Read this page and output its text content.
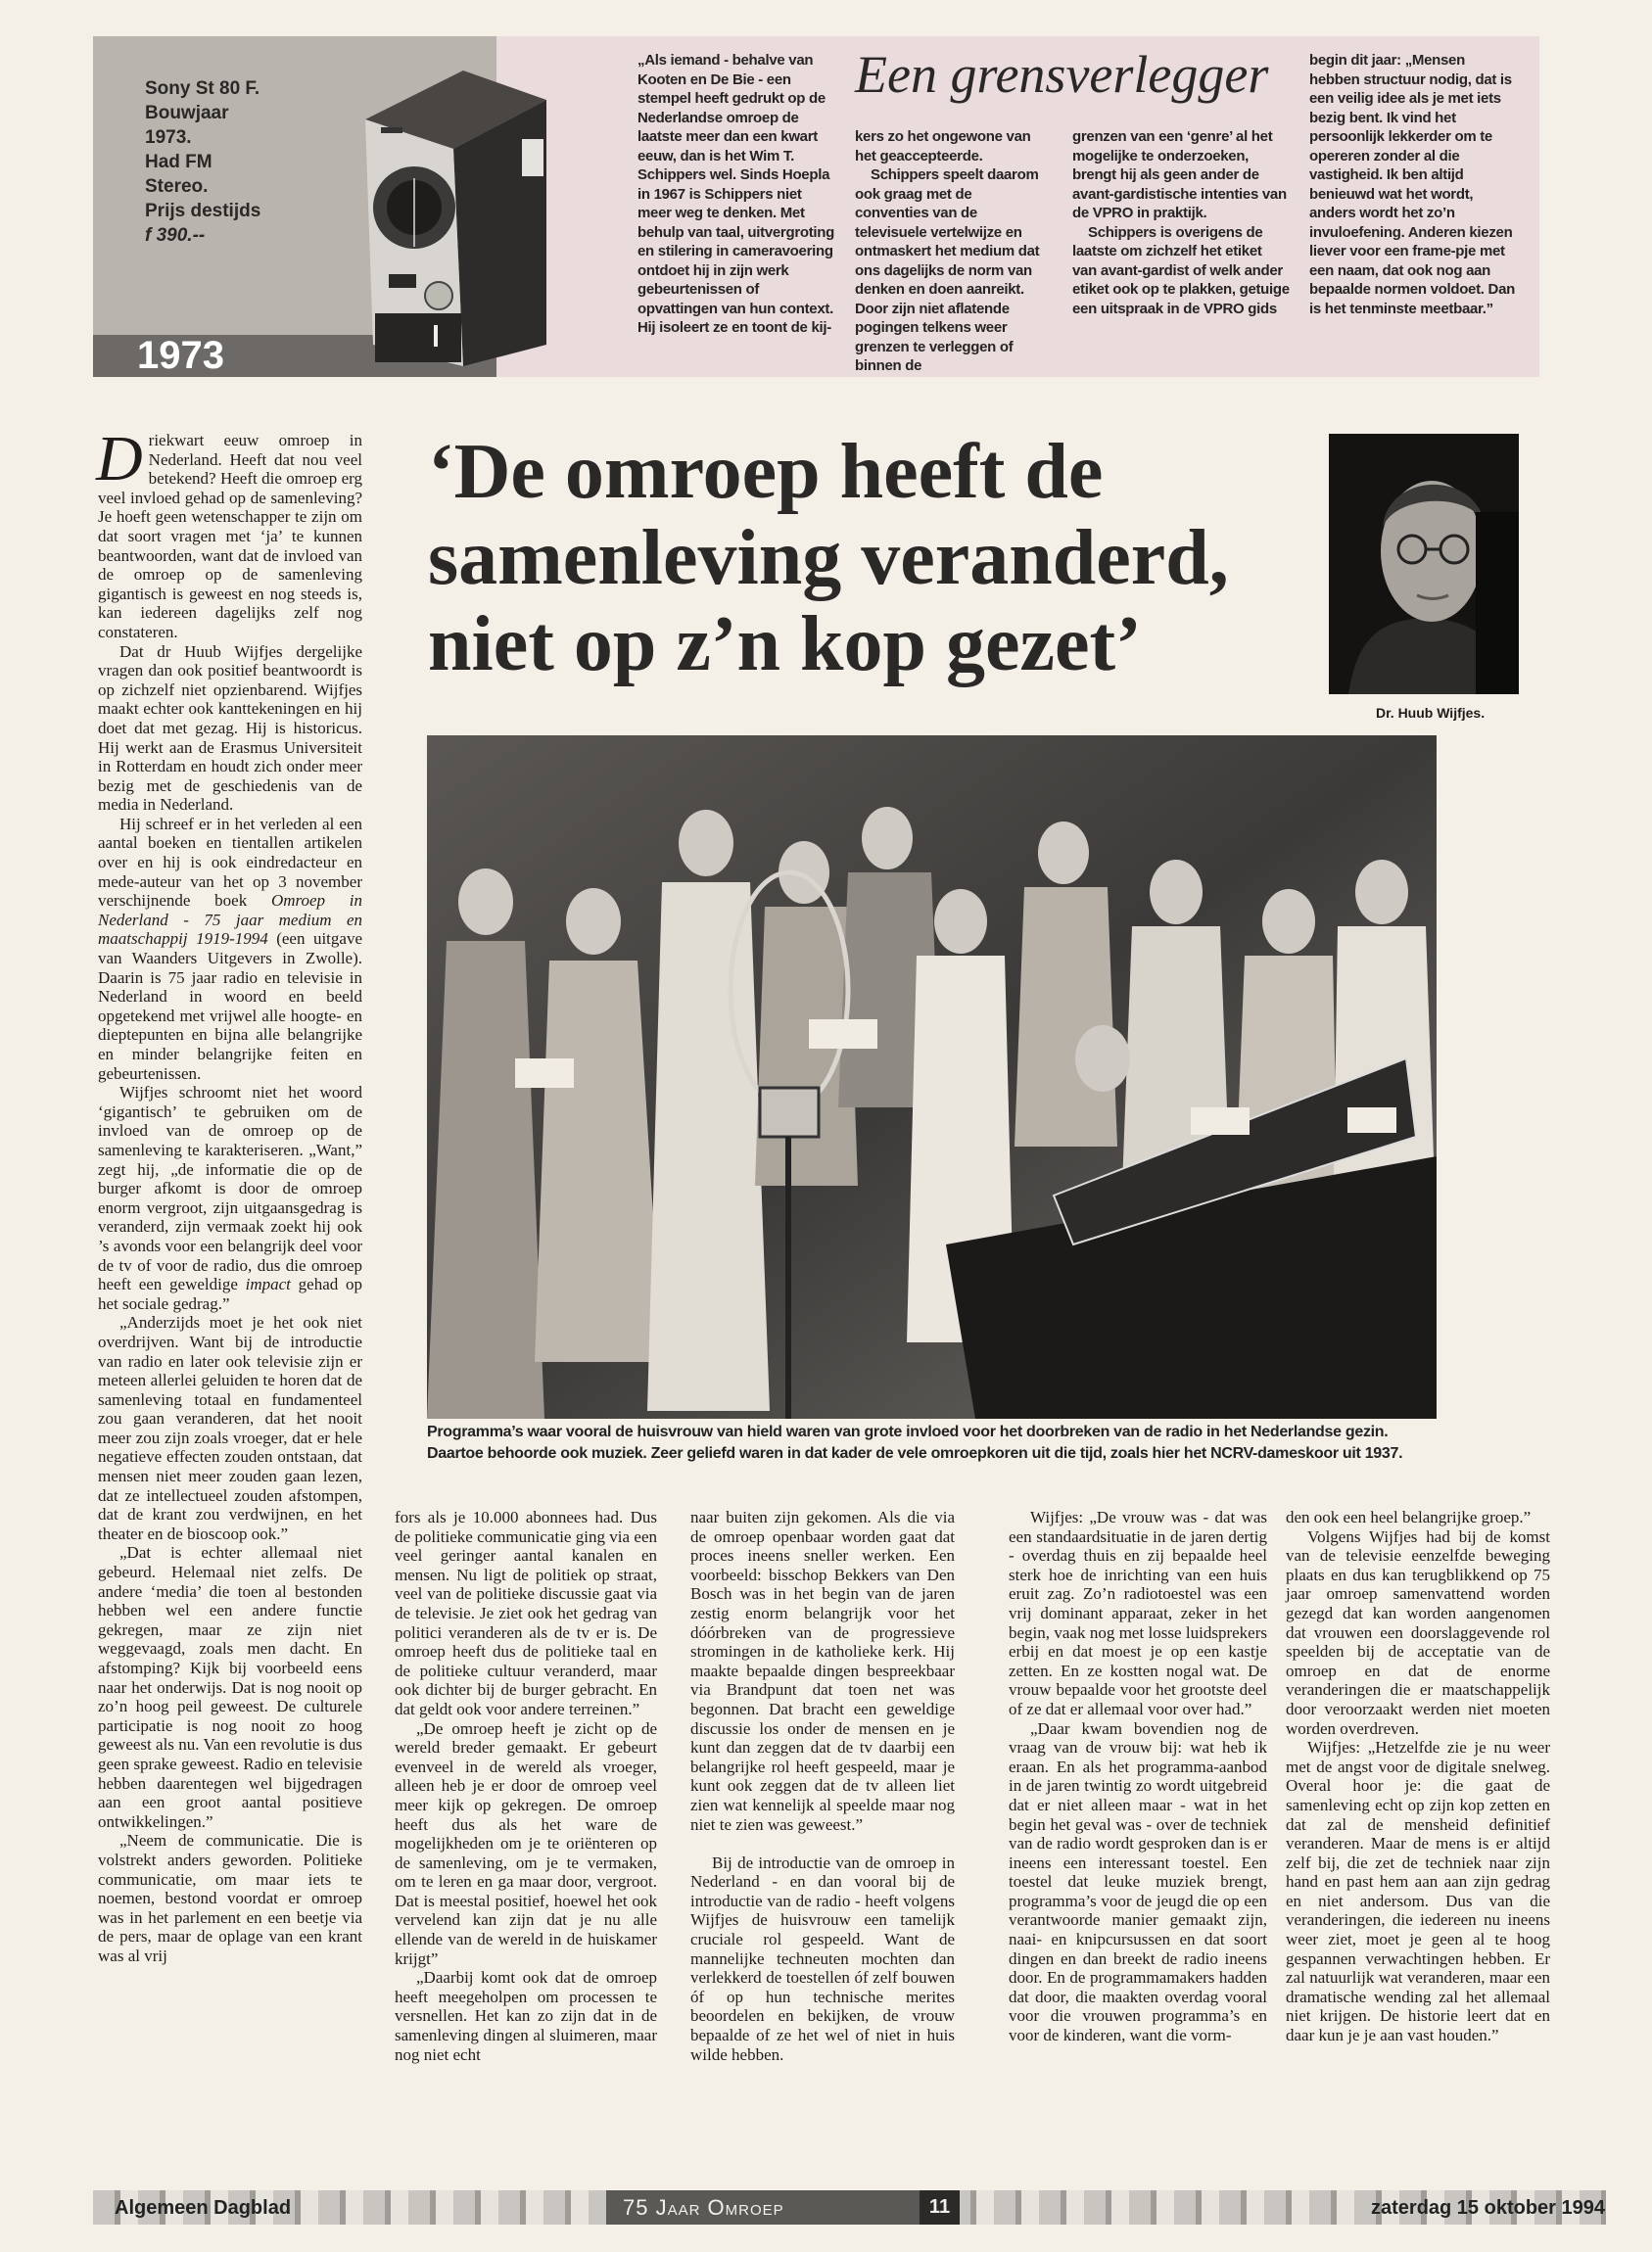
Sony St 80 F.
Bouwjaar
1973.
Had FM
Stereo.
Prijs destijds
f 390.--
1973
Een grensverlegger

„Als iemand - behalve van Kooten en De Bie - een stempel heeft gedrukt op de Nederlandse omroep de laatste meer dan een kwart eeuw, dan is het Wim T. Schippers wel. Sinds Hoepla in 1967 is Schippers niet meer weg te denken. Met behulp van taal, uitvergroting en stilering in cameravoering ontdoet hij in zijn werk gebeurtenissen of opvattingen van hun context. Hij isoleert ze en toont de kij-

kers zo het ongewone van het geaccepteerde.

Schippers speelt daarom ook graag met de conventies van de televisuele vertelwijze en ontmaskert het medium dat ons dagelijks de norm van denken en doen aanreikt. Door zijn niet aflatende pogingen telkens weer grenzen te verleggen of binnen de

grenzen van een ‘genre’ al het mogelijke te onderzoeken, brengt hij als geen ander de avant-gardistische intenties van de VPRO in praktijk.

Schippers is overigens de laatste om zichzelf het etiket van avant-gardist of welk ander etiket ook op te plakken, getuige een uitspraak in de VPRO gids

begin dit jaar: „Mensen hebben structuur nodig, dat is een veilig idee als je met iets bezig bent. Ik vind het persoonlijk lekkerder om te opereren zonder al die vastigheid. Ik ben altijd benieuwd wat het wordt, anders wordt het zo’n invuloefening. Anderen kiezen liever voor een frame-pje met een naam, dat ook nog aan bepaalde normen voldoet. Dan is het tenminste meetbaar.”

‘De omroep heeft de
samenleving veranderd,
niet op z’n kop gezet’
Dr. Huub Wijfjes.
Programma’s waar vooral de huisvrouw van hield waren van grote invloed voor het doorbreken van de radio in het Nederlandse gezin. Daartoe behoorde ook muziek. Zeer geliefd waren in dat kader de vele omroepkoren uit die tijd, zoals hier het NCRV-dameskoor uit 1937.

Driekwart eeuw omroep in Nederland. Heeft dat nou veel betekend? Heeft die omroep erg veel invloed gehad op de samenleving? Je hoeft geen wetenschapper te zijn om dat soort vragen met ‘ja’ te kunnen beantwoorden, want dat de invloed van de omroep op de samenleving gigantisch is geweest en nog steeds is, kan iedereen dagelijks zelf nog constateren.

Dat dr Huub Wijfjes dergelijke vragen dan ook positief beantwoordt is op zichzelf niet opzienbarend. Wijfjes maakt echter ook kanttekeningen en hij doet dat met gezag. Hij is historicus. Hij werkt aan de Erasmus Universiteit in Rotterdam en houdt zich onder meer bezig met de geschiedenis van de media in Nederland.

Hij schreef er in het verleden al een aantal boeken en tientallen artikelen over en hij is ook eindredacteur en mede-auteur van het op 3 november verschijnende boek Omroep in Nederland - 75 jaar medium en maatschappij 1919-1994 (een uitgave van Waanders Uitgevers in Zwolle). Daarin is 75 jaar radio en televisie in Nederland in woord en beeld opgetekend met vrijwel alle hoogte- en dieptepunten en bijna alle belangrijke en minder belangrijke feiten en gebeurtenissen.

Wijfjes schroomt niet het woord ‘gigantisch’ te gebruiken om de invloed van de omroep op de samenleving te karakteriseren. „Want,” zegt hij, „de informatie die op de burger afkomt is door de omroep enorm vergroot, zijn uitgaansgedrag is veranderd, zijn vermaak zoekt hij ook ’s avonds voor een belangrijk deel voor de tv of voor de radio, dus die omroep heeft een geweldige impact gehad op het sociale gedrag.”

„Anderzijds moet je het ook niet overdrijven. Want bij de introductie van radio en later ook televisie zijn er meteen allerlei geluiden te horen dat de samenleving totaal en fundamenteel zou gaan veranderen, dat het nooit meer zou zijn zoals vroeger, dat er hele negatieve effecten zouden ontstaan, dat mensen niet meer zouden gaan lezen, dat ze intellectueel zouden afstompen, dat de krant zou verdwijnen, en het theater en de bioscoop ook.”

„Dat is echter allemaal niet gebeurd. Helemaal niet zelfs. De andere ‘media’ die toen al bestonden hebben wel een andere functie gekregen, maar ze zijn niet weggevaagd, zoals men dacht. En afstomping? Kijk bij voorbeeld eens naar het onderwijs. Dat is nog nooit op zo’n hoog peil geweest. De culturele participatie is nog nooit zo hoog geweest als nu. Van een revolutie is dus geen sprake geweest. Radio en televisie hebben daarentegen wel bijgedragen aan een groot aantal positieve ontwikkelingen.”

„Neem de communicatie. Die is volstrekt anders geworden. Politieke communicatie, om maar iets te noemen, bestond voordat er omroep was in het parlement en een beetje via de pers, maar de oplage van een krant was al vrij

fors als je 10.000 abonnees had. Dus de politieke communicatie ging via een veel geringer aantal kanalen en mensen. Nu ligt de politiek op straat, veel van de politieke discussie gaat via de televisie. Je ziet ook het gedrag van politici veranderen als de tv er is. De omroep heeft dus de politieke taal en de politieke cultuur veranderd, maar ook dichter bij de burger gebracht. En dat geldt ook voor andere terreinen.”

„De omroep heeft je zicht op de wereld breder gemaakt. Er gebeurt evenveel in de wereld als vroeger, alleen heb je er door de omroep veel meer kijk op gekregen. De omroep heeft dus als het ware de mogelijkheden om je te oriënteren op de samenleving, om je te vermaken, om te leren en ga maar door, vergroot. Dat is meestal positief, hoewel het ook vervelend kan zijn dat je nu alle ellende van de wereld in de huiskamer krijgt”

„Daarbij komt ook dat de omroep heeft meegeholpen om processen te versnellen. Het kan zo zijn dat in de samenleving dingen al sluimeren, maar nog niet echt

naar buiten zijn gekomen. Als die via de omroep openbaar worden gaat dat proces ineens sneller werken. Een voorbeeld: bisschop Bekkers van Den Bosch was in het begin van de jaren zestig enorm belangrijk voor het dóórbreken van de progressieve stromingen in de katholieke kerk. Hij maakte bepaalde dingen bespreekbaar via Brandpunt dat toen net was begonnen. Dat bracht een geweldige discussie los onder de mensen en je kunt dan zeggen dat de tv daarbij een belangrijke rol heeft gespeeld, maar je kunt ook zeggen dat de tv alleen liet zien wat kennelijk al speelde maar nog niet te zien was geweest.”

Bij de introductie van de omroep in Nederland - en dan vooral bij de introductie van de radio - heeft volgens Wijfjes de huisvrouw een tamelijk cruciale rol gespeeld. Want de mannelijke techneuten mochten dan verlekkerd de toestellen óf zelf bouwen óf op hun technische merites beoordelen en bekijken, de vrouw bepaalde of ze het wel of niet in huis wilde hebben.

Wijfjes: „De vrouw was - dat was een standaardsituatie in de jaren dertig - overdag thuis en zij bepaalde heel sterk hoe de inrichting van een huis eruit zag. Zo’n radiotoestel was een vrij dominant apparaat, zeker in het begin, vaak nog met losse luidsprekers erbij en dat moest je op een kastje zetten. En ze kostten nogal wat. De vrouw bepaalde voor het grootste deel of ze dat er allemaal voor over had.”

„Daar kwam bovendien nog de vraag van de vrouw bij: wat heb ik eraan. En als het programma-aanbod in de jaren twintig zo wordt uitgebreid dat er niet alleen maar - wat in het begin het geval was - over de techniek van de radio wordt gesproken dan is er ineens een interessant toestel. Een toestel dat leuke muziek brengt, programma’s voor de jeugd die op een verantwoorde manier gemaakt zijn, naai- en knipcursussen en dat soort dingen en dan breekt de radio ineens door. En de programmamakers hadden dat door, die maakten overdag vooral voor die vrouwen programma’s en voor de kinderen, want die vorm-

den ook een heel belangrijke groep.”

Volgens Wijfjes had bij de komst van de televisie eenzelfde beweging plaats en dus kan terugblikkend op 75 jaar omroep samenvattend worden gezegd dat kan worden aangenomen dat vrouwen een doorslaggevende rol speelden bij de acceptatie van de omroep en dat de enorme veranderingen die er maatschappelijk door veroorzaakt werden niet moeten worden overdreven.

Wijfjes: „Hetzelfde zie je nu weer met de angst voor de digitale snelweg. Overal hoor je: die gaat de samenleving echt op zijn kop zetten en dat zal de mensheid definitief veranderen. Maar de mens is er altijd zelf bij, die zet de techniek naar zijn hand en past hem aan aan zijn gedrag en niet andersom. Dus van die veranderingen, die iedereen nu ineens weer ziet, moet je geen al te hoog gespannen verwachtingen hebben. Er zal natuurlijk wat veranderen, maar een dramatische wending zal het allemaal niet krijgen. De historie leert dat en daar kun je je aan vast houden.”

Algemeen Dagblad	75 Jaar Omroep	11	zaterdag 15 oktober 1994
